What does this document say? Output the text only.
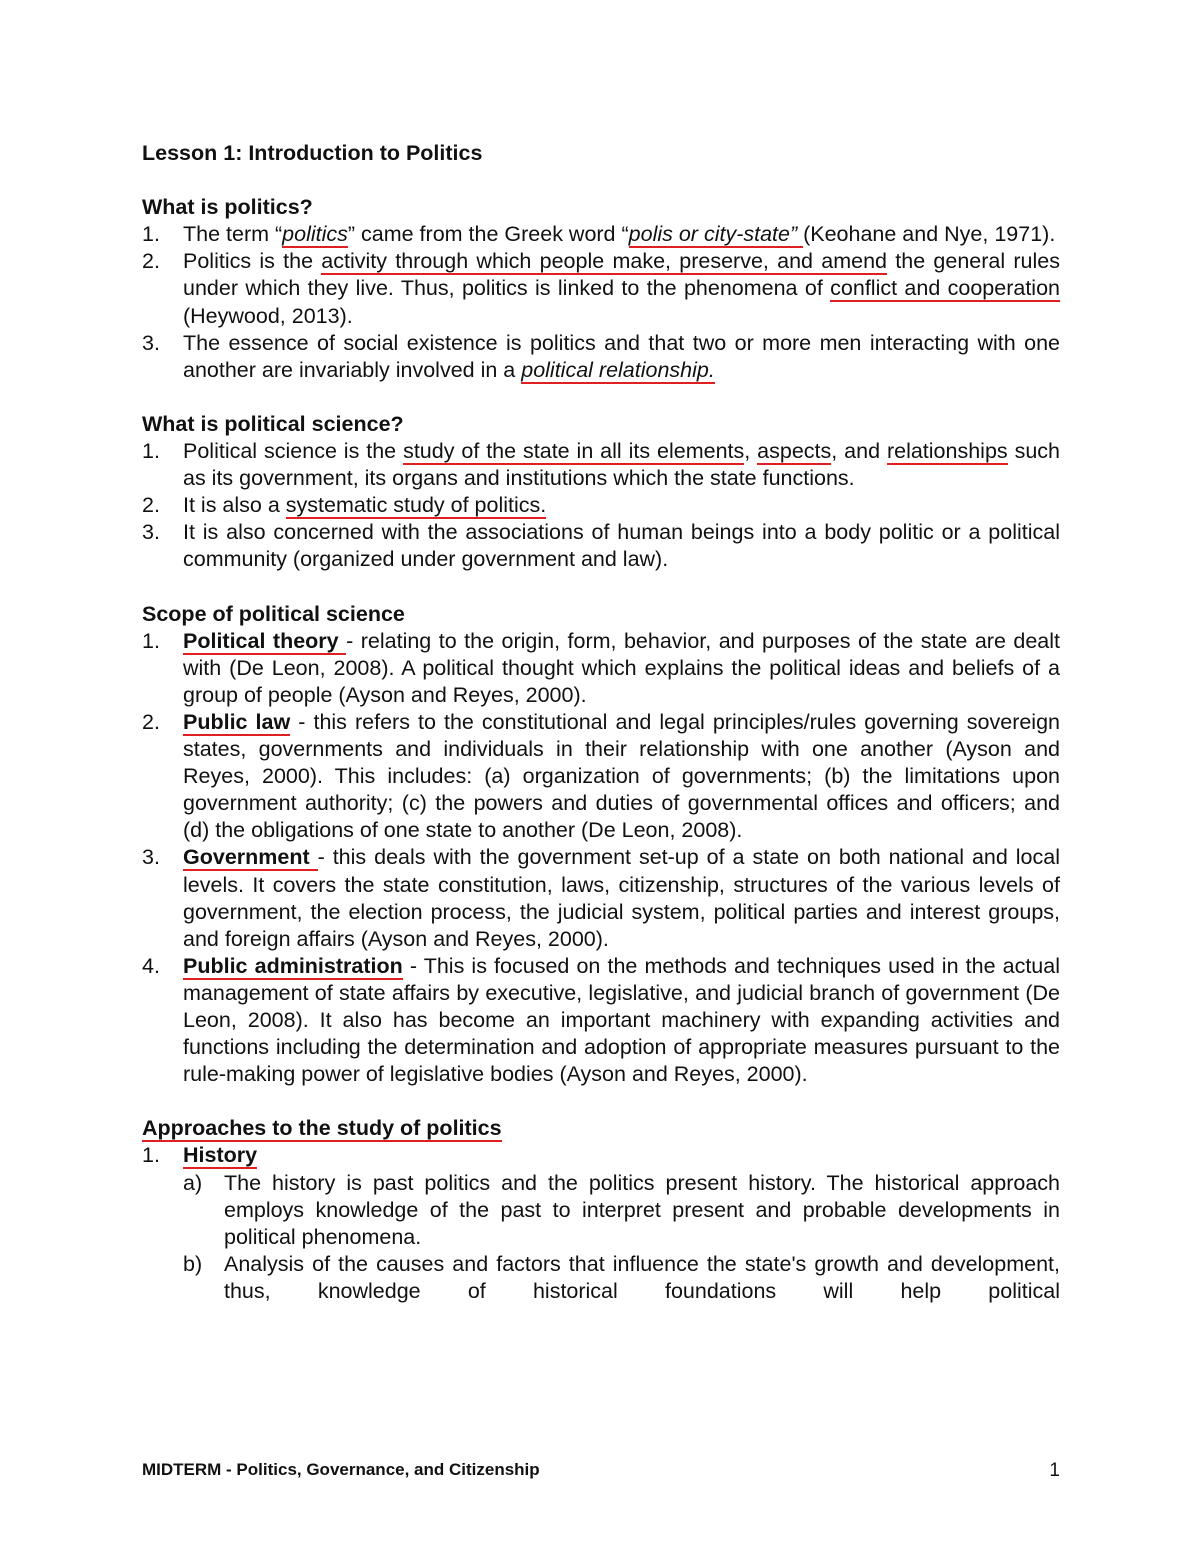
Lesson 1: Introduction to Politics
What is politics?
1. The term “politics” came from the Greek word “polis or city-state” (Keohane and Nye, 1971).
2. Politics is the activity through which people make, preserve, and amend the general rules under which they live. Thus, politics is linked to the phenomena of conflict and cooperation (Heywood, 2013).
3. The essence of social existence is politics and that two or more men interacting with one another are invariably involved in a political relationship.
What is political science?
1. Political science is the study of the state in all its elements, aspects, and relationships such as its government, its organs and institutions which the state functions.
2. It is also a systematic study of politics.
3. It is also concerned with the associations of human beings into a body politic or a political community (organized under government and law).
Scope of political science
1. Political theory - relating to the origin, form, behavior, and purposes of the state are dealt with (De Leon, 2008). A political thought which explains the political ideas and beliefs of a group of people (Ayson and Reyes, 2000).
2. Public law - this refers to the constitutional and legal principles/rules governing sovereign states, governments and individuals in their relationship with one another (Ayson and Reyes, 2000). This includes: (a) organization of governments; (b) the limitations upon government authority; (c) the powers and duties of governmental offices and officers; and (d) the obligations of one state to another (De Leon, 2008).
3. Government - this deals with the government set-up of a state on both national and local levels. It covers the state constitution, laws, citizenship, structures of the various levels of government, the election process, the judicial system, political parties and interest groups, and foreign affairs (Ayson and Reyes, 2000).
4. Public administration - This is focused on the methods and techniques used in the actual management of state affairs by executive, legislative, and judicial branch of government (De Leon, 2008). It also has become an important machinery with expanding activities and functions including the determination and adoption of appropriate measures pursuant to the rule-making power of legislative bodies (Ayson and Reyes, 2000).
Approaches to the study of politics
1. History
a) The history is past politics and the politics present history. The historical approach employs knowledge of the past to interpret present and probable developments in political phenomena.
b) Analysis of the causes and factors that influence the state's growth and development, thus, knowledge of historical foundations will help political
MIDTERM - Politics, Governance, and Citizenship	1
